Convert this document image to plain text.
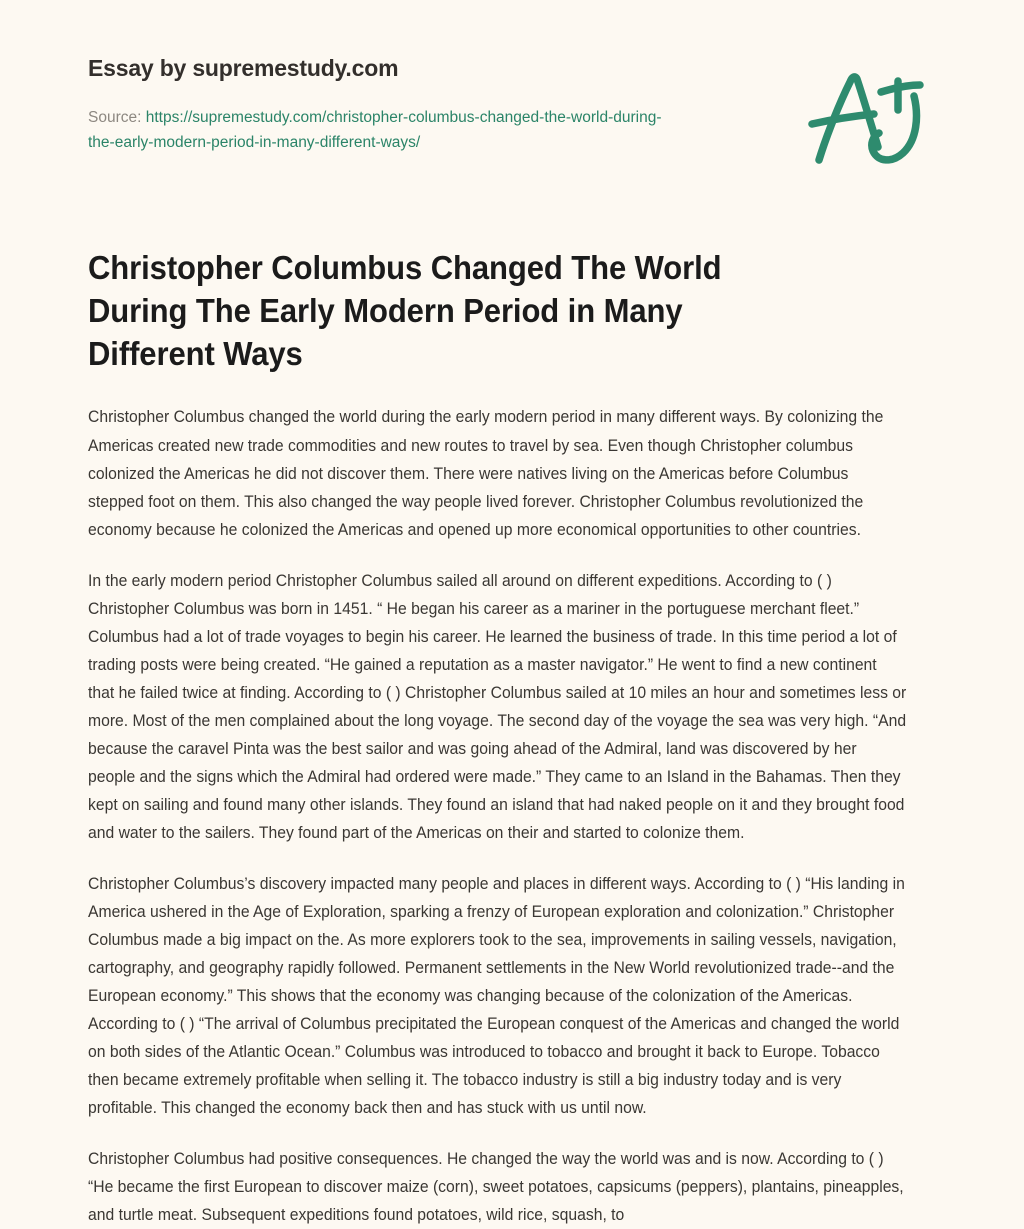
Essay by supremestudy.com
Source: https://supremestudy.com/christopher-columbus-changed-the-world-during-the-early-modern-period-in-many-different-ways/
Christopher Columbus Changed The World During The Early Modern Period in Many Different Ways

Christopher Columbus changed the world during the early modern period in many different ways. By colonizing the Americas created new trade commodities and new routes to travel by sea. Even though Christopher columbus colonized the Americas he did not discover them. There were natives living on the Americas before Columbus stepped foot on them. This also changed the way people lived forever. Christopher Columbus revolutionized the economy because he colonized the Americas and opened up more economical opportunities to other countries.

In the early modern period Christopher Columbus sailed all around on different expeditions. According to ( ) Christopher Columbus was born in 1451. “ He began his career as a mariner in the portuguese merchant fleet.” Columbus had a lot of trade voyages to begin his career. He learned the business of trade. In this time period a lot of trading posts were being created. “He gained a reputation as a master navigator.” He went to find a new continent that he failed twice at finding. According to ( ) Christopher Columbus sailed at 10 miles an hour and sometimes less or more. Most of the men complained about the long voyage. The second day of the voyage the sea was very high. “And because the caravel Pinta was the best sailor and was going ahead of the Admiral, land was discovered by her people and the signs which the Admiral had ordered were made.” They came to an Island in the Bahamas. Then they kept on sailing and found many other islands. They found an island that had naked people on it and they brought food and water to the sailers. They found part of the Americas on their and started to colonize them.

Christopher Columbus’s discovery impacted many people and places in different ways. According to ( ) “His landing in America ushered in the Age of Exploration, sparking a frenzy of European exploration and colonization.” Christopher Columbus made a big impact on the. As more explorers took to the sea, improvements in sailing vessels, navigation, cartography, and geography rapidly followed. Permanent settlements in the New World revolutionized trade--and the European economy.” This shows that the economy was changing because of the colonization of the Americas. According to ( ) “The arrival of Columbus precipitated the European conquest of the Americas and changed the world on both sides of the Atlantic Ocean.” Columbus was introduced to tobacco and brought it back to Europe. Tobacco then became extremely profitable when selling it. The tobacco industry is still a big industry today and is very profitable. This changed the economy back then and has stuck with us until now.

Christopher Columbus had positive consequences. He changed the way the world was and is now. According to ( ) “He became the first European to discover maize (corn), sweet potatoes, capsicums (peppers), plantains, pineapples, and turtle meat. Subsequent expeditions found potatoes, wild rice, squash, to
